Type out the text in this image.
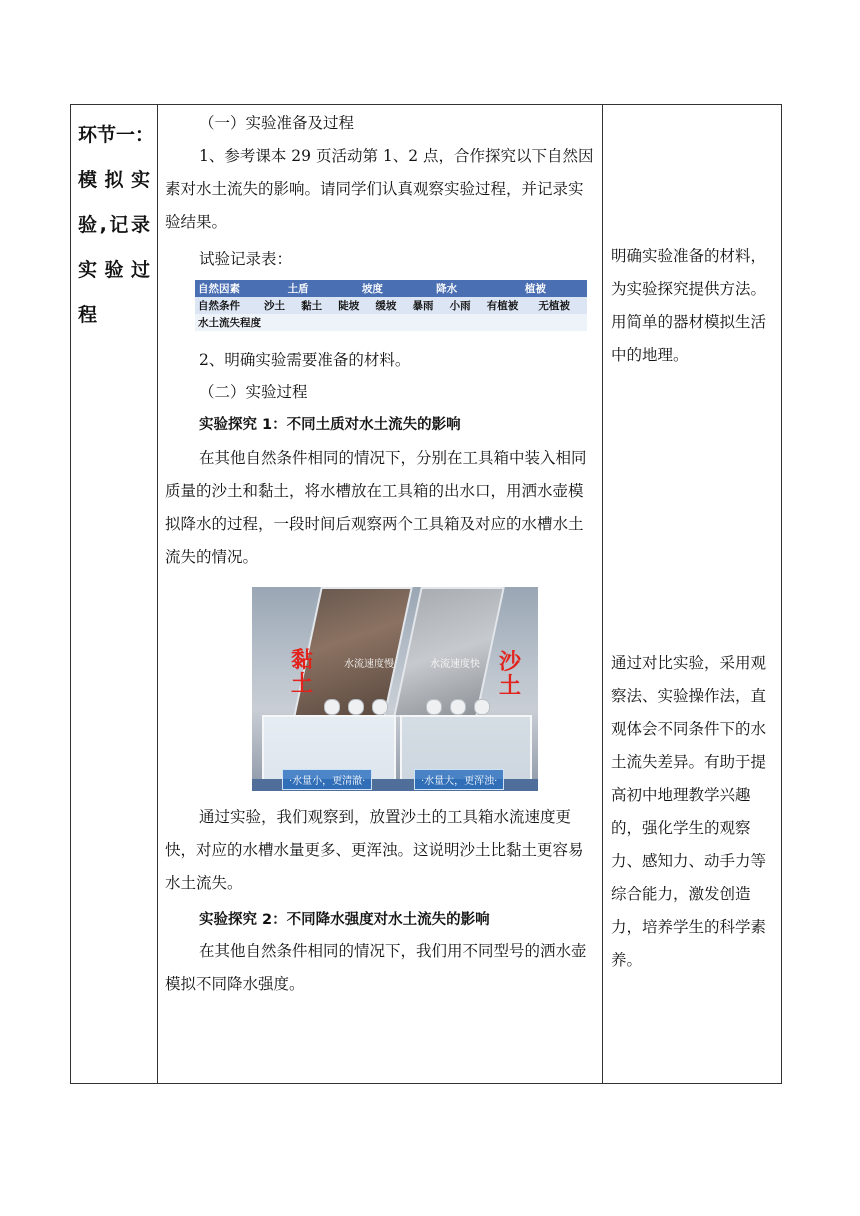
环 节 一 ：
模 拟 实
验 , 记 录
实 验 过
程
（一）实验准备及过程
1、参考课本 29 页活动第 1、2 点，合作探究以下自然因素对水土流失的影响。请同学们认真观察实验过程，并记录实验结果。
试验记录表：
2、明确实验需要准备的材料。
（二）实验过程
实验探究 1：不同土质对水土流失的影响
在其他自然条件相同的情况下，分别在工具箱中装入相同质量的沙土和黏土，将水槽放在工具箱的出水口，用洒水壶模拟降水的过程，一段时间后观察两个工具箱及对应的水槽水土流失的情况。
通过实验，我们观察到，放置沙土的工具箱水流速度更快，对应的水槽水量更多、更浑浊。这说明沙土比黏土更容易水土流失。
实验探究 2：不同降水强度对水土流失的影响
在其他自然条件相同的情况下，我们用不同型号的洒水壶模拟不同降水强度。
自然因素	土盾		坡度		降水		植被	
自然条件	沙土	黏土	陡坡	缓坡	暴雨	小雨	有植被	无植被
水土流失程度								
黏土
沙土
水流速度慢	水流速度快
·水量小，更清澈·	·水量大，更浑浊·
明确实验准备的材料，为实验探究提供方法。用简单的器材模拟生活中的地理。
通过对比实验，采用观察法、实验操作法，直观体会不同条件下的水土流失差异。有助于提高初中地理教学兴趣的，强化学生的观察力、感知力、动手力等综合能力，激发创造力，培养学生的科学素养。
